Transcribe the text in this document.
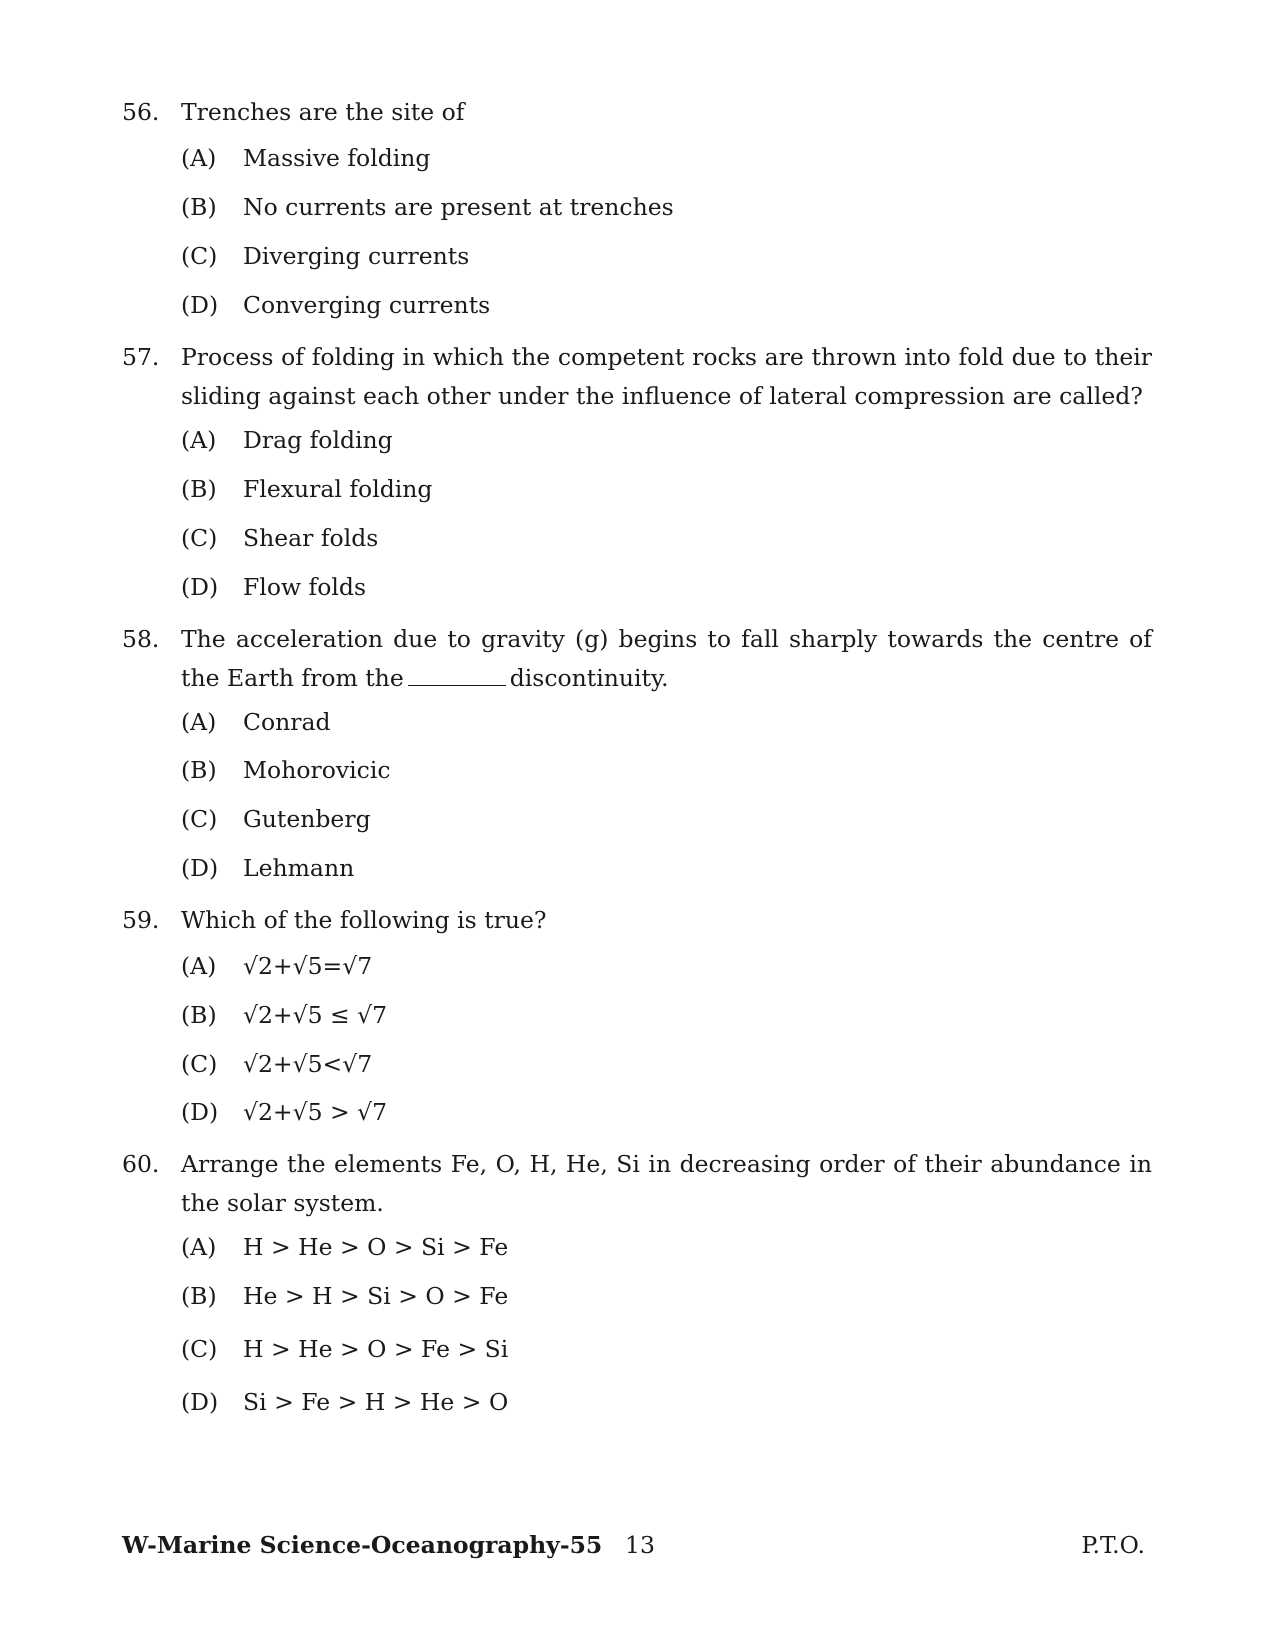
56. Trenches are the site of
(A) Massive folding
(B) No currents are present at trenches
(C) Diverging currents
(D) Converging currents
57. Process of folding in which the competent rocks are thrown into fold due to their sliding against each other under the influence of lateral compression are called?
(A) Drag folding
(B) Flexural folding
(C) Shear folds
(D) Flow folds
58. The acceleration due to gravity (g) begins to fall sharply towards the centre of the Earth from the	discontinuity.
(A) Conrad
(B) Mohorovicic
(C) Gutenberg
(D) Lehmann
59. Which of the following is true?
(A) √2+√5=√7
(B) √2+√5 ≤ √7
(C) √2+√5<√7
(D) √2+√5 > √7
60. Arrange the elements Fe, O, H, He, Si in decreasing order of their abundance in the solar system.
(A) H > He > O > Si > Fe
(B) He > H > Si > O > Fe
(C) H > He > O > Fe > Si
(D) Si > Fe > H > He > O
W-Marine Science-Oceanography-55 13	P.T.O.
